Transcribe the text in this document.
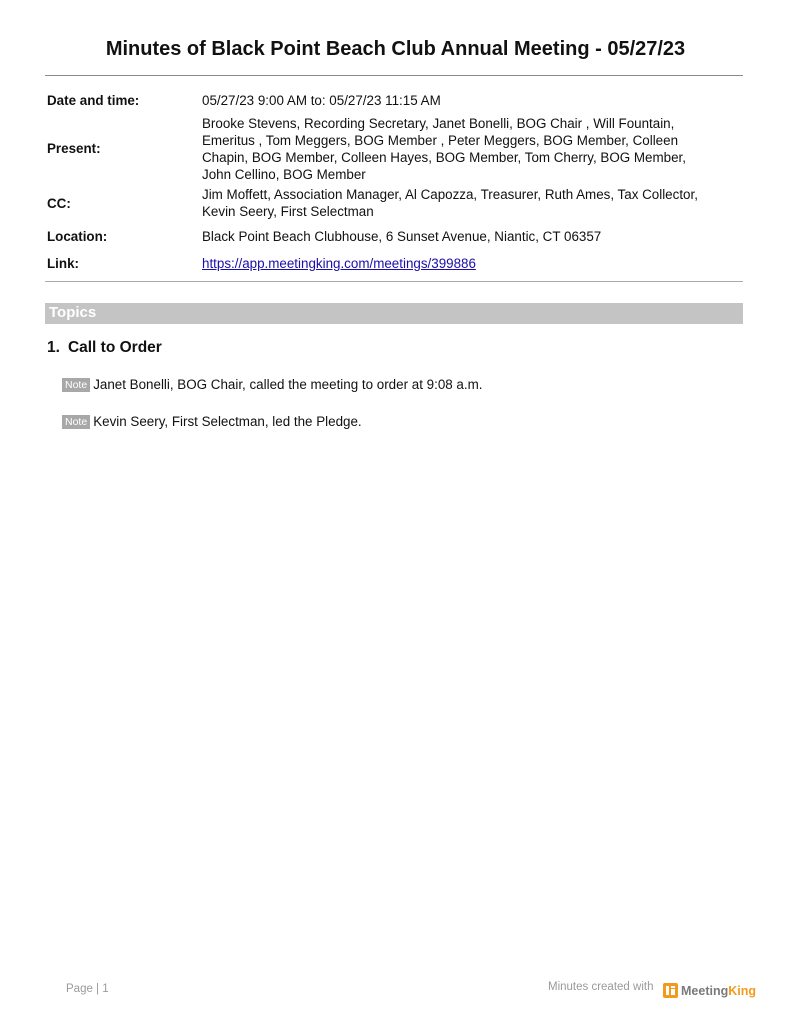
Minutes of Black Point Beach Club Annual Meeting - 05/27/23
Date and time:	05/27/23 9:00 AM to: 05/27/23 11:15 AM
Present:
Brooke Stevens, Recording Secretary, Janet Bonelli, BOG Chair , Will Fountain,
Emeritus , Tom Meggers, BOG Member , Peter Meggers, BOG Member, Colleen
Chapin, BOG Member, Colleen Hayes, BOG Member, Tom Cherry, BOG Member,
John Cellino, BOG Member
CC:
Jim Moffett, Association Manager, Al Capozza, Treasurer, Ruth Ames, Tax Collector,
Kevin Seery, First Selectman
Location:	Black Point Beach Clubhouse, 6 Sunset Avenue, Niantic, CT 06357
Link:	https://app.meetingking.com/meetings/399886
Topics
1. Call to Order
Note Janet Bonelli, BOG Chair, called the meeting to order at 9:08 a.m.
Note Kevin Seery, First Selectman, led the Pledge.
Page | 1	Minutes created with	MeetingKing
